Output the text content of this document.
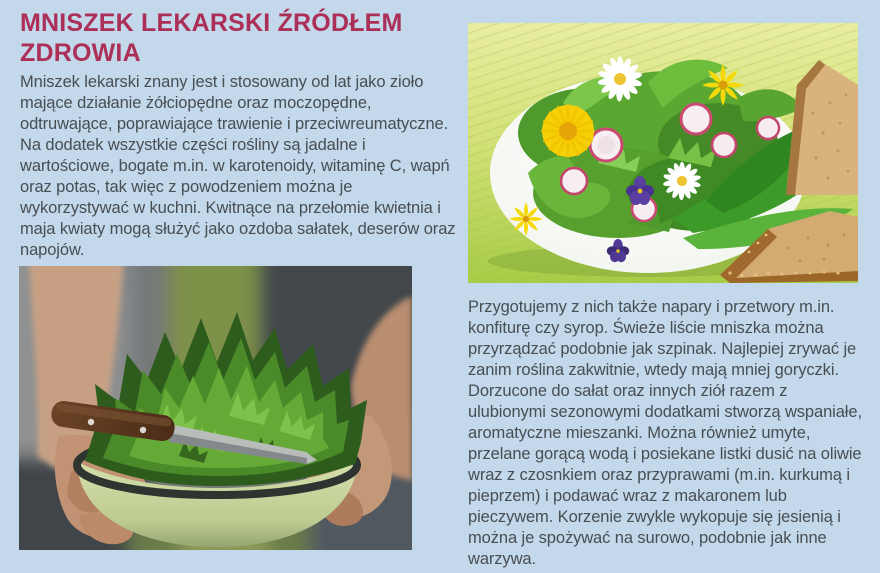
MNISZEK LEKARSKI ŹRÓDŁEM ZDROWIA

Mniszek lekarski znany jest i stosowany od lat jako zioło mające działanie żółciopędne oraz moczopędne, odtruwające, poprawiające trawienie i przeciwreumatyczne. Na dodatek wszystkie części rośliny są jadalne i wartościowe, bogate m.in. w karotenoidy, witaminę C, wapń oraz potas, tak więc z powodzeniem można je wykorzystywać w kuchni. Kwitnące na przełomie kwietnia i maja kwiaty mogą służyć jako ozdoba sałatek, deserów oraz napojów.

Przygotujemy z nich także napary i przetwory m.in. konfiturę czy syrop. Świeże liście mniszka można przyrządzać podobnie jak szpinak. Najlepiej zrywać je zanim roślina zakwitnie, wtedy mają mniej goryczki. Dorzucone do sałat oraz innych ziół razem z ulubionymi sezonowymi dodatkami stworzą wspaniałe, aromatyczne mieszanki. Można również umyte, przelane gorącą wodą i posiekane listki dusić na oliwie wraz z czosnkiem oraz przyprawami (m.in. kurkumą i pieprzem) i podawać wraz z makaronem lub pieczywem. Korzenie zwykle wykopuje się jesienią i można je spożywać na surowo, podobnie jak inne warzywa.
